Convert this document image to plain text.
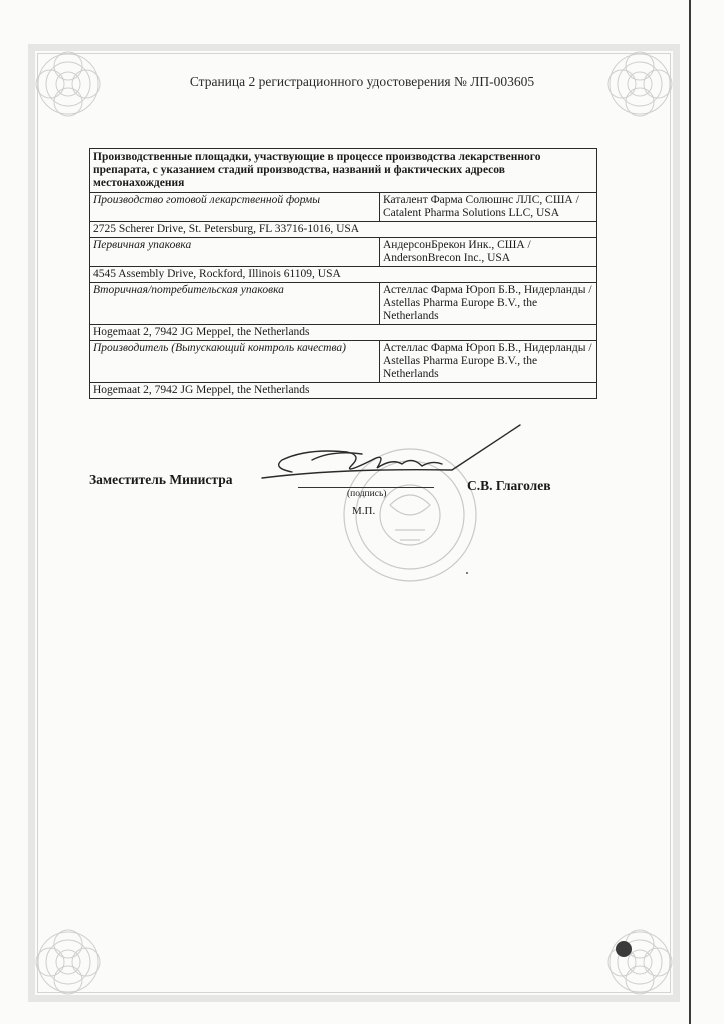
Страница 2 регистрационного удостоверения № ЛП-003605
Производственные площадки, участвующие в процессе производства лекарственного препарата, с указанием стадий производства, названий и фактических адресов местонахождения	
Производство готовой лекарственной формы	Каталент Фарма Солюшнс ЛЛС, США / Catalent Pharma Solutions LLC, USA
2725 Scherer Drive, St. Petersburg, FL 33716-1016, USA	
Первичная упаковка	АндерсонБрекон Инк., США / AndersonBrecon Inc., USA
4545 Assembly Drive, Rockford, Illinois 61109, USA	
Вторичная/потребительская упаковка	Астеллас Фарма Юроп Б.В., Нидерланды / Astellas Pharma Europe B.V., the Netherlands
Hogemaat 2, 7942 JG Meppel, the Netherlands	
Производитель (Выпускающий контроль качества)	Астеллас Фарма Юроп Б.В., Нидерланды / Astellas Pharma Europe B.V., the Netherlands
Hogemaat 2, 7942 JG Meppel, the Netherlands	
Заместитель Министра
(подпись)
С.В. Глаголев
М.П.
